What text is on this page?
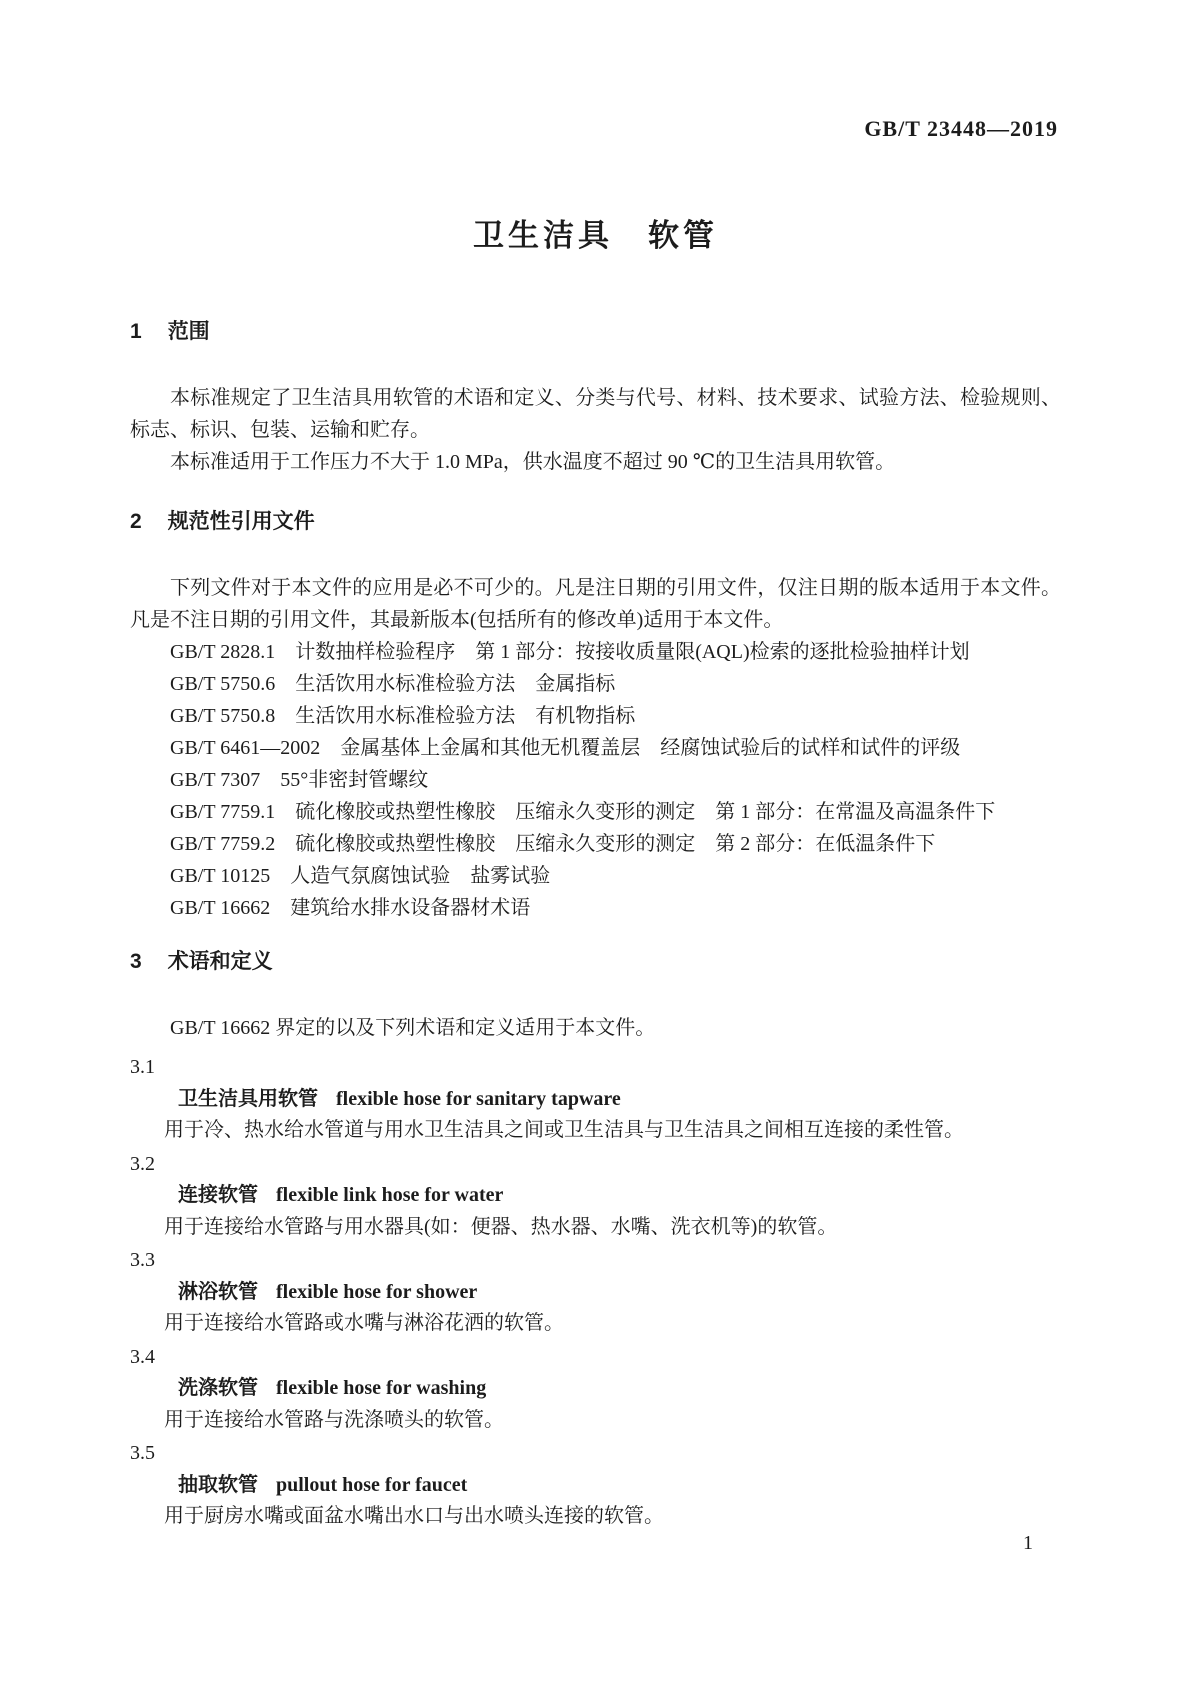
GB/T 23448—2019
卫生洁具　软管
1 范围

本标准规定了卫生洁具用软管的术语和定义、分类与代号、材料、技术要求、试验方法、检验规则、标志、标识、包装、运输和贮存。

本标准适用于工作压力不大于 1.0 MPa，供水温度不超过 90 ℃的卫生洁具用软管。

2 规范性引用文件

下列文件对于本文件的应用是必不可少的。凡是注日期的引用文件，仅注日期的版本适用于本文件。凡是不注日期的引用文件，其最新版本(包括所有的修改单)适用于本文件。

GB/T 2828.1　计数抽样检验程序　第 1 部分：按接收质量限(AQL)检索的逐批检验抽样计划
GB/T 5750.6　生活饮用水标准检验方法　金属指标
GB/T 5750.8　生活饮用水标准检验方法　有机物指标
GB/T 6461—2002　金属基体上金属和其他无机覆盖层　经腐蚀试验后的试样和试件的评级
GB/T 7307　55°非密封管螺纹
GB/T 7759.1　硫化橡胶或热塑性橡胶　压缩永久变形的测定　第 1 部分：在常温及高温条件下
GB/T 7759.2　硫化橡胶或热塑性橡胶　压缩永久变形的测定　第 2 部分：在低温条件下
GB/T 10125　人造气氛腐蚀试验　盐雾试验
GB/T 16662　建筑给水排水设备器材术语
3 术语和定义

GB/T 16662 界定的以及下列术语和定义适用于本文件。

3.1
卫生洁具用软管 flexible hose for sanitary tapware
用于冷、热水给水管道与用水卫生洁具之间或卫生洁具与卫生洁具之间相互连接的柔性管。
3.2
连接软管 flexible link hose for water
用于连接给水管路与用水器具(如：便器、热水器、水嘴、洗衣机等)的软管。
3.3
淋浴软管 flexible hose for shower
用于连接给水管路或水嘴与淋浴花洒的软管。
3.4
洗涤软管 flexible hose for washing
用于连接给水管路与洗涤喷头的软管。
3.5
抽取软管 pullout hose for faucet
用于厨房水嘴或面盆水嘴出水口与出水喷头连接的软管。
1
